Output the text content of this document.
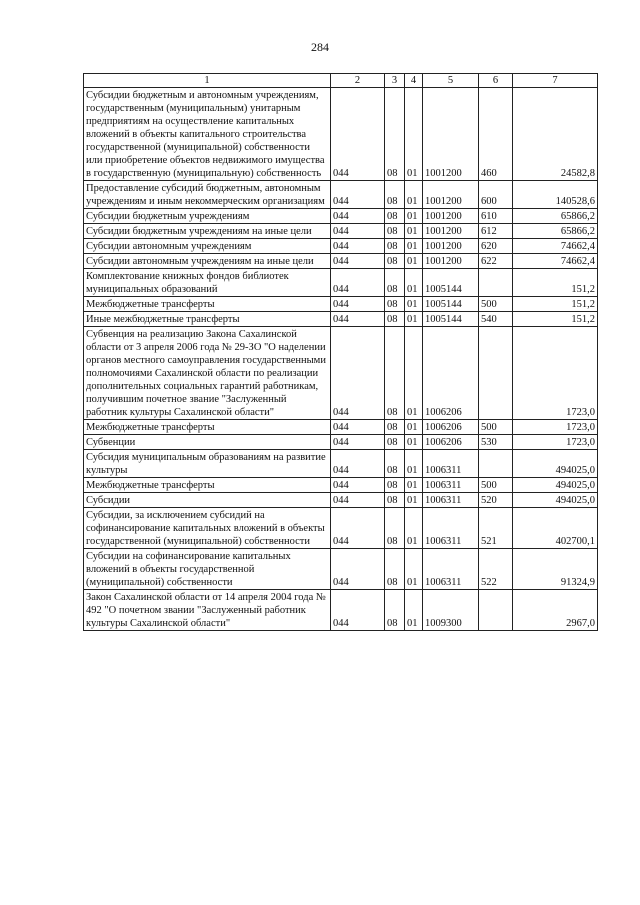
284
1	2	3	4	5	6	7
Субсидии бюджетным и автономным учреждениям, государственным (муниципальным) унитарным предприятиям на осуществление капитальных вложений в объекты капитального строительства государственной (муниципальной) собственности или приобретение объектов недвижимого имущества в государственную (муниципальную) собственность	044	08	01	1001200	460	24582,8
Предоставление субсидий бюджетным, автономным учреждениям и иным некоммерческим организациям	044	08	01	1001200	600	140528,6
Субсидии бюджетным учреждениям	044	08	01	1001200	610	65866,2
Субсидии бюджетным учреждениям на иные цели	044	08	01	1001200	612	65866,2
Субсидии автономным учреждениям	044	08	01	1001200	620	74662,4
Субсидии автономным учреждениям на иные цели	044	08	01	1001200	622	74662,4
Комплектование книжных фондов библиотек муниципальных образований	044	08	01	1005144		151,2
Межбюджетные трансферты	044	08	01	1005144	500	151,2
Иные межбюджетные трансферты	044	08	01	1005144	540	151,2
Субвенция на реализацию Закона Сахалинской области от 3 апреля 2006 года № 29-ЗО "О наделении органов местного самоуправления государственными полномочиями Сахалинской области по реализации дополнительных социальных гарантий работникам, получившим почетное звание "Заслуженный работник культуры Сахалинской области"	044	08	01	1006206		1723,0
Межбюджетные трансферты	044	08	01	1006206	500	1723,0
Субвенции	044	08	01	1006206	530	1723,0
Субсидия муниципальным образованиям на развитие культуры	044	08	01	1006311		494025,0
Межбюджетные трансферты	044	08	01	1006311	500	494025,0
Субсидии	044	08	01	1006311	520	494025,0
Субсидии, за исключением субсидий на софинансирование капитальных вложений в объекты государственной (муниципальной) собственности	044	08	01	1006311	521	402700,1
Субсидии на софинансирование капитальных вложений в объекты государственной (муниципальной) собственности	044	08	01	1006311	522	91324,9
Закон Сахалинской области от 14 апреля 2004 года № 492 "О почетном звании "Заслуженный работник культуры Сахалинской области"	044	08	01	1009300		2967,0
